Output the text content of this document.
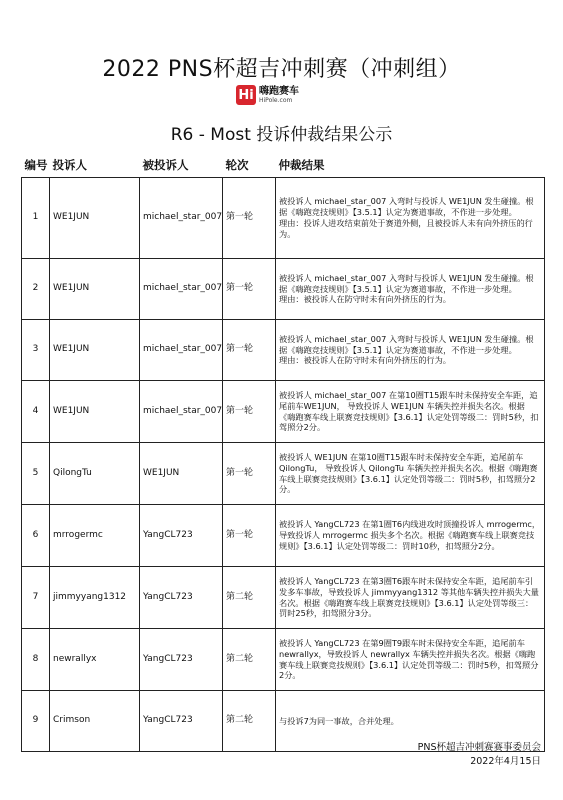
2022 PNS杯超吉冲刺赛（冲刺组）
Hi 嗨跑赛车
HiPole.com
R6 - Most 投诉仲裁结果公示
编号	投诉人	被投诉人	轮次	仲裁结果
1	WE1JUN	michael_star_007	第一轮	被投诉人 michael_star_007 入弯时与投诉人 WE1JUN 发生碰撞。根据《嗨跑竞技规则》【3.5.1】认定为赛道事故，不作进一步处理。
理由：投诉人进攻结束前处于赛道外侧，且被投诉人未有向外挤压的行为。

2	WE1JUN	michael_star_007	第一轮	被投诉人 michael_star_007 入弯时与投诉人 WE1JUN 发生碰撞。根据《嗨跑竞技规则》【3.5.1】认定为赛道事故，不作进一步处理。
理由：被投诉人在防守时未有向外挤压的行为。

3	WE1JUN	michael_star_007	第一轮	被投诉人 michael_star_007 入弯时与投诉人 WE1JUN 发生碰撞。根据《嗨跑竞技规则》【3.5.1】认定为赛道事故，不作进一步处理。
理由：被投诉人在防守时未有向外挤压的行为。

4	WE1JUN	michael_star_007	第一轮	被投诉人 michael_star_007 在第10圈T15跟车时未保持安全车距，追尾前车WE1JUN， 导致投诉人 WE1JUN 车辆失控并损失名次。根据《嗨跑赛车线上联赛竞技规则》【3.6.1】认定处罚等级二：罚时5秒，扣驾照分2分。

5	QilongTu	WE1JUN	第一轮	被投诉人 WE1JUN 在第10圈T15跟车时未保持安全车距，追尾前车QilongTu， 导致投诉人 QilongTu 车辆失控并损失名次。根据《嗨跑赛车线上联赛竞技规则》【3.6.1】认定处罚等级二：罚时5秒，扣驾照分2分。

6	mrrogermc	YangCL723	第一轮	被投诉人 YangCL723 在第1圈T6内线进攻时顶撞投诉人 mrrogermc，导致投诉人 mrrogermc 损失多个名次。根据《嗨跑赛车线上联赛竞技规则》【3.6.1】认定处罚等级二：罚时10秒，扣驾照分2分。

7	jimmyyang1312	YangCL723	第二轮	被投诉人 YangCL723 在第3圈T6跟车时未保持安全车距，追尾前车引发多车事故，导致投诉人 jimmyyang1312 等其他车辆失控并损失大量名次。根据《嗨跑赛车线上联赛竞技规则》【3.6.1】认定处罚等级三：罚时25秒，扣驾照分3分。

8	newrallyx	YangCL723	第二轮	被投诉人 YangCL723 在第9圈T9跟车时未保持安全车距，追尾前车newrallyx，导致投诉人 newrallyx 车辆失控并损失名次。根据《嗨跑赛车线上联赛竞技规则》【3.6.1】认定处罚等级二：罚时5秒，扣驾照分2分。

9	Crimson	YangCL723	第二轮	与投诉7为同一事故，合并处理。
PNS杯超吉冲刺赛赛事委员会
2022年4月15日
